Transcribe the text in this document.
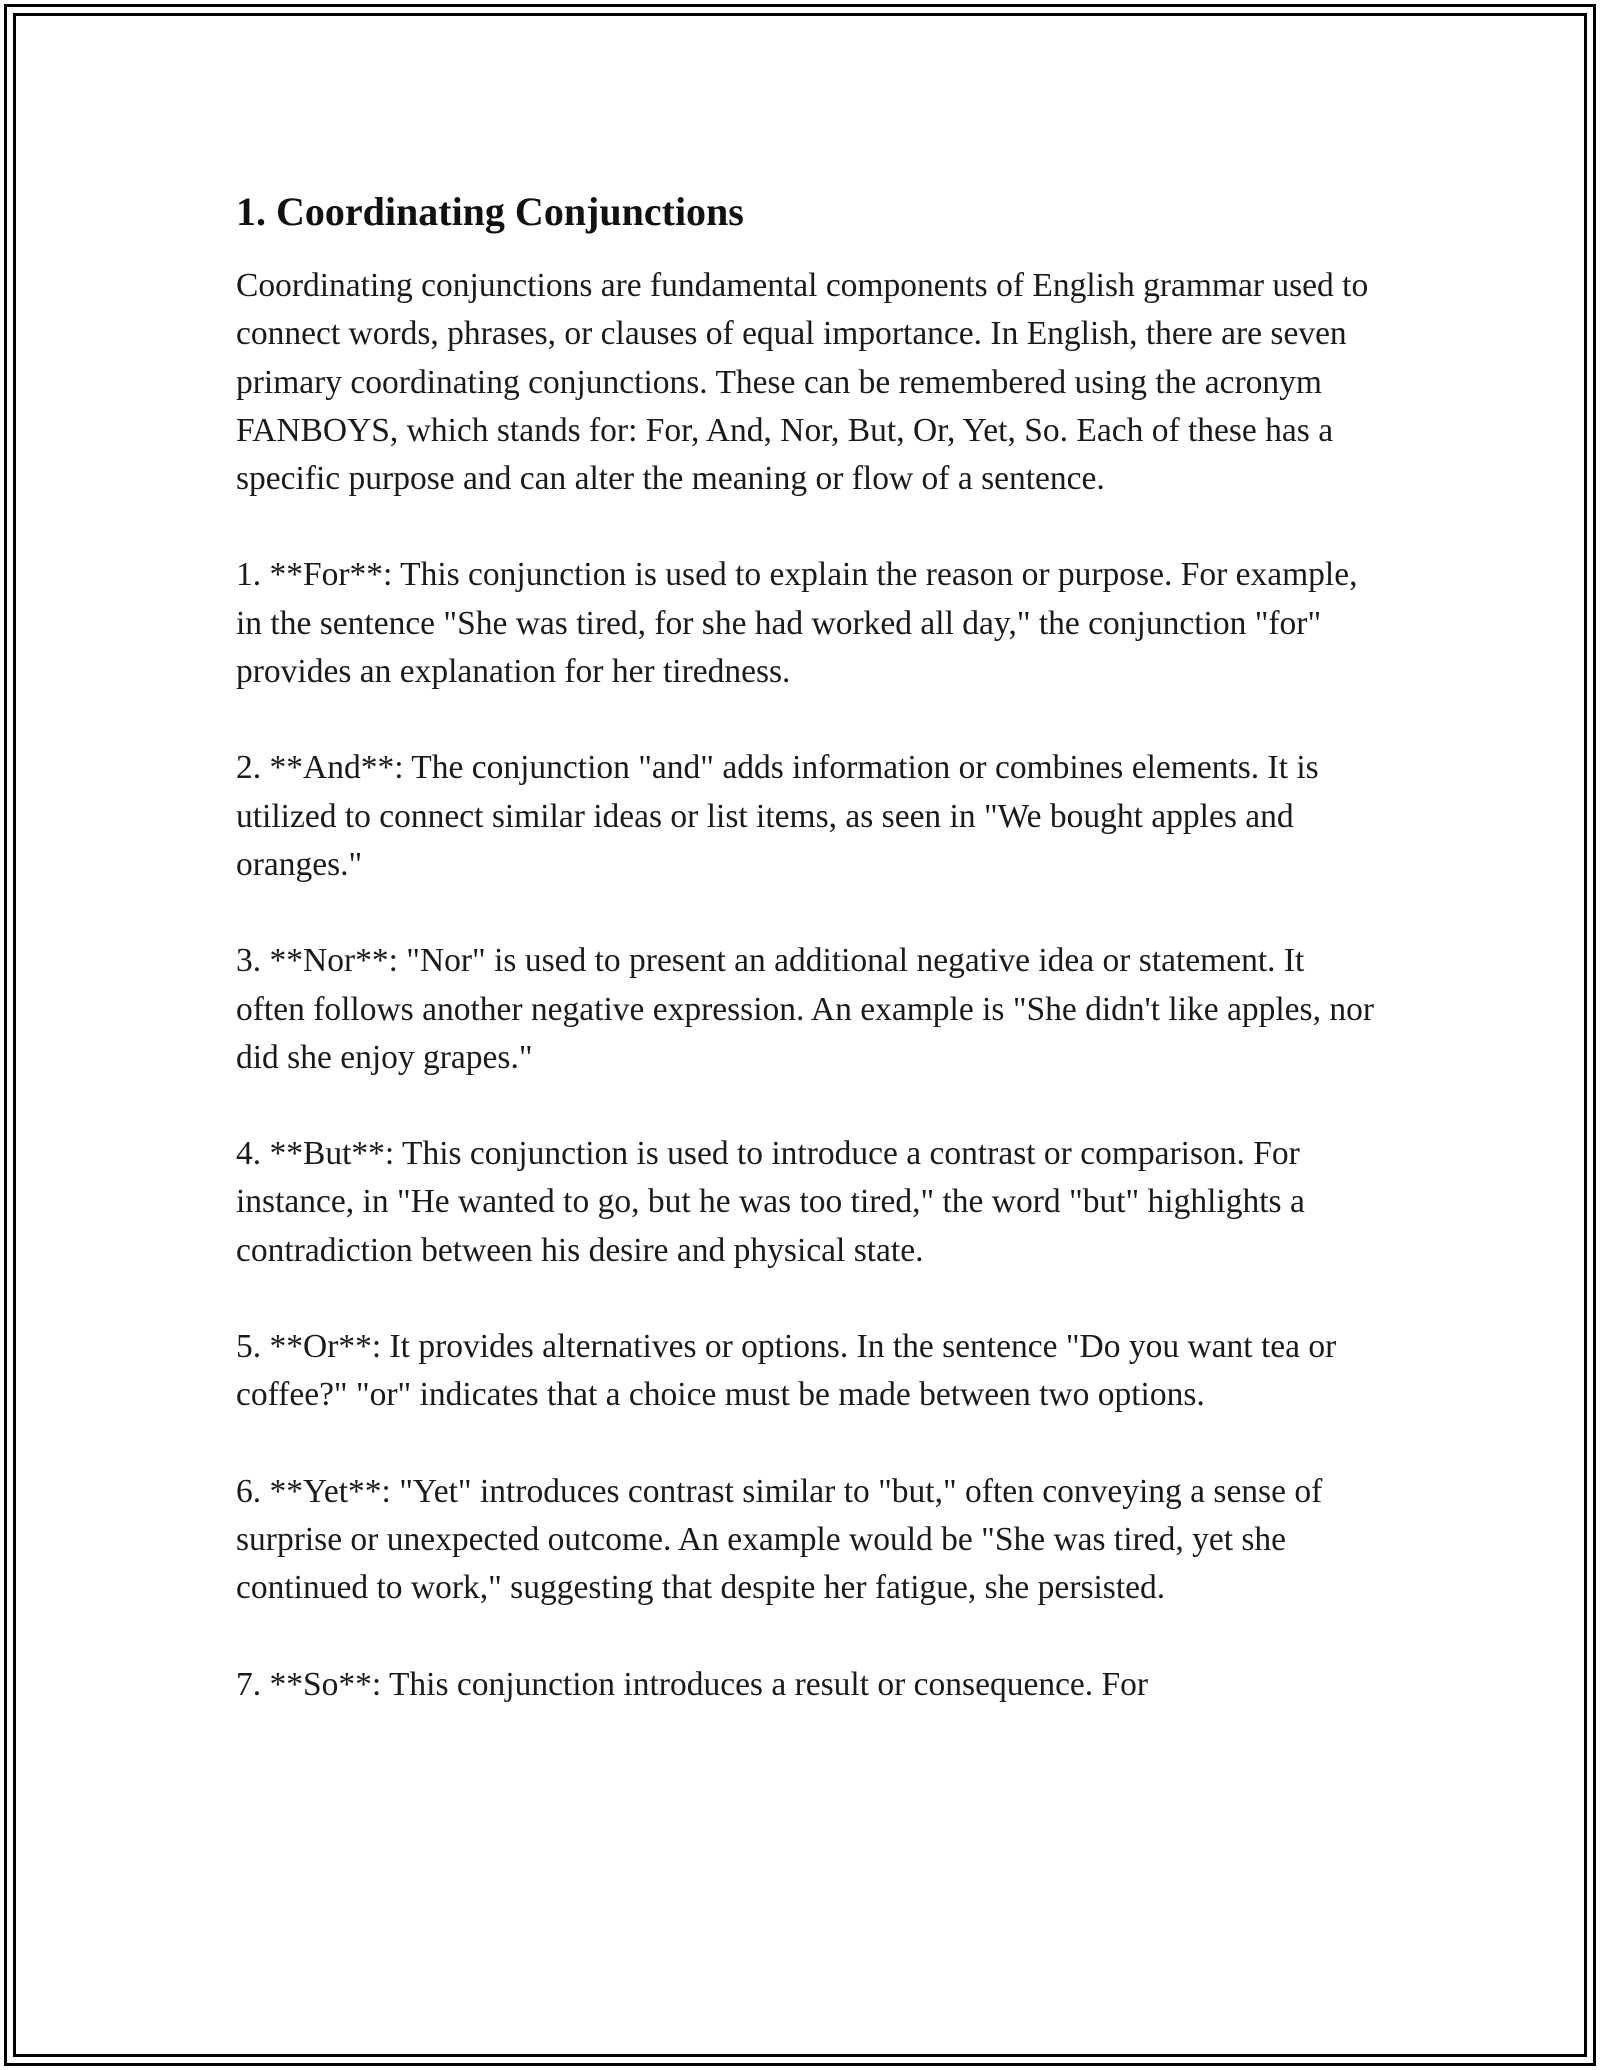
1. Coordinating Conjunctions

Coordinating conjunctions are fundamental components of English grammar used to connect words, phrases, or clauses of equal importance. In English, there are seven primary coordinating conjunctions. These can be remembered using the acronym FANBOYS, which stands for: For, And, Nor, But, Or, Yet, So. Each of these has a specific purpose and can alter the meaning or flow of a sentence.

1. **For**: This conjunction is used to explain the reason or purpose. For example, in the sentence "She was tired, for she had worked all day," the conjunction "for" provides an explanation for her tiredness.

2. **And**: The conjunction "and" adds information or combines elements. It is utilized to connect similar ideas or list items, as seen in "We bought apples and oranges."

3. **Nor**: "Nor" is used to present an additional negative idea or statement. It often follows another negative expression. An example is "She didn't like apples, nor did she enjoy grapes."

4. **But**: This conjunction is used to introduce a contrast or comparison. For instance, in "He wanted to go, but he was too tired," the word "but" highlights a contradiction between his desire and physical state.

5. **Or**: It provides alternatives or options. In the sentence "Do you want tea or coffee?" "or" indicates that a choice must be made between two options.

6. **Yet**: "Yet" introduces contrast similar to "but," often conveying a sense of surprise or unexpected outcome. An example would be "She was tired, yet she continued to work," suggesting that despite her fatigue, she persisted.

7. **So**: This conjunction introduces a result or consequence. For
